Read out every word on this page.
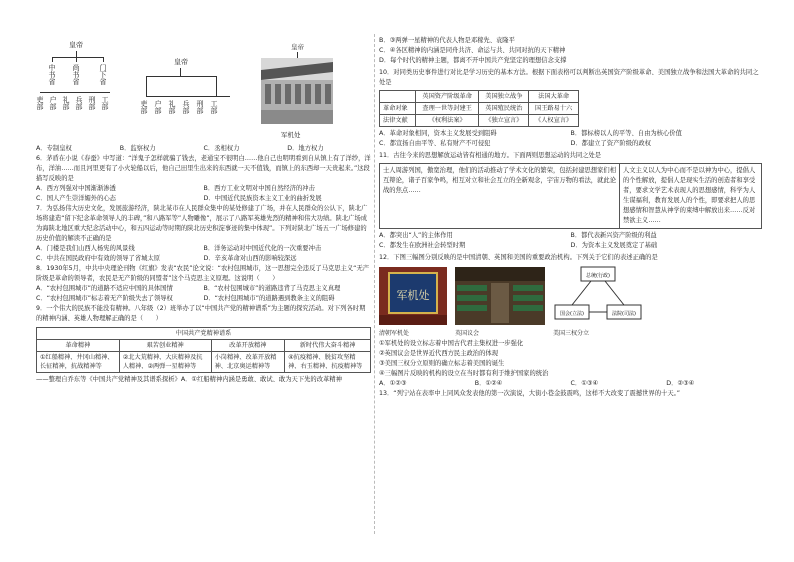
皇帝
中书省 尚书省	门下省
吏部 户部 礼部 兵部 刑部 工部
皇帝
吏部 户部 礼部 兵部 刑部 工部
皇帝
军机处
A．专制皇权	B．监察权力	C．丞相权力	D．地方权力

6．茅盾在小说《春蚕》中写道：“洋鬼子怎样就骗了钱去，老通宝不很明白……他自己也明明看到自从镇上有了洋纱，洋布，洋油……而且河里更有了小火轮船以后，他自己田里生出来的东西就一天不值钱，而镇上的东西却一天贵起来。”这段描写反映的是

A．西方列强对中国渐渐渗透	B．西方工业文明对中国自然经济的冲击
C．国人产生崇洋媚外的心态	D．中国近代民族资本主义工业的曲折发展

7．为弘扬伟大历史文化，发展旅游经济，陕北某市在人民群众集中的某处修建了广场，并在人民群众的公认下，陕北广场将建造“留下纪念革命领导人的丰碑，”和八路军等”人物雕像”，展示了八路军英雄先烈的精神和伟大功绩。陕北广场成为海陕北地区重大纪念活动中心，和五四运动等时期的陕北历史积淀事迹的集中体现”。下列对陕北广场五一广场修建的历史价值的解读不正确的是

A．门楼是我们山西人杨宪的风景线	B．洋务运动对中国近代化的一次重要冲击
C．中共在国民政府中有效的领导了省城太原	D．辛亥革命对山西的影响较深远

8．1930年5月，中共中央理论刊物《红旗》发表“农民”论文说：“农村包围城市，这一思想完全违反了马克思主义“无产阶级是革命的领导者，农民是无产阶级的同盟者”这个马克思主义原理。这说明（　　）

A．“农村包围城市”的道路不适应中国的具体国情	B．“农村包围城市”的道路违背了马克思主义真理
C．“农村包围城市”标志着无产阶级失去了领导权	D．“农村包围城市”的道路遇到教条主义的阻碍

9．一个伟大的民族不能没有精神。八年级（2）班举办了以“中国共产党的精神谱系”为主题的探究活动。对下列各时期的精神内涵、英雄人物理解正确的是（　　）

中国共产党精神谱系			
革命精神	艰苦创业精神	改革开放精神	新时代伟大奋斗精神
①红船精神、井冈山精神、长征精神，抗战精神等	②北大荒精神、大庆精神及抗人精神、②两弹一星精神等	小岗精神、改革开放精神、北京奥运精神等	④抗疫精神、脱贫攻坚精神、右玉精神、抗疫精神等

——整理自乔东等《中国共产党精神及其谱系探析》A．①红船精神内涵是勇敢、敢试、敢为天下先的改革精神

B．③两弹一星精神的代表人物是邓稼先、袁隆平

C．④各区精神的内涵是同舟共济、命运与共、共同对抗的天下精神

D．每个时代的精神主题，都离不开中国共产党坚定的理想信念支撑

10．对同类历史事件进行对比是学习历史的基本方法。根据下面表格可以判断出英国资产阶级革命、美国独立战争和法国大革命的共同之处是

	英国资产阶级革命	美国独立战争	法国大革命
革命对象	查理一世等封建王	英国殖民统治	国王路易十六
法律文献	《权利法案》	《独立宣言》	《人权宣言》
A．革命对象相同，资本主义发展受到阻碍	B．都标榜以人的平等、自由为核心价值
C．都宣扬自由平等、私有财产不可侵犯	D．都建立了资产阶级的政权

11．古往今来的思想解放运动皆有相通的地方。下面两则思想运动的共同之处是

士人周游列国，傲宽治理，他们的活动推动了学术文化的繁荣，包括封建思想家们相互辩论，诸子百家争鸣，相互对立和社会互立的全新观念，宇宙万物的看法，就此论战的焦点……
人文主义以人为中心而不是以神为中心，提倡人的个性解放，提倡人是现实生活的创造者和享受者，要求文学艺术表现人的思想感情，科学为人生谋福利，教育发展人的个性，即要求把人的思想感情和智慧从神学的束缚中解放出来……反对禁欲主义……
A．都突出“人”的主体作用	B．都代表新兴资产阶级的利益
C．都发生在欧洲社会转型时期	D．为资本主义发展奠定了基础

12．下图三幅图分别反映的是中国清朝、英国和美国的重要政治机构。下列关于它们的表述正确的是

军机处
清朝军机处	英国议会
总统(行政)
国会(立法)	法院(司法)
美国三权分立

①军机处的设立标志着中国古代君主集权进一步强化

②英国议会是世界近代西方民主政治的体现

③美国三权分立原则的确立标志着美国的诞生

④三幅图片反映的机构的设立在当时都有利于维护国家的统治

A．①②③	B．①②④	C．①③④	D．②③④

13．“列宁站在表率中上同风众发表他的第一次演说，大街小巷金鼓震鸣，这样不大改变了震撼世界的十天。”
